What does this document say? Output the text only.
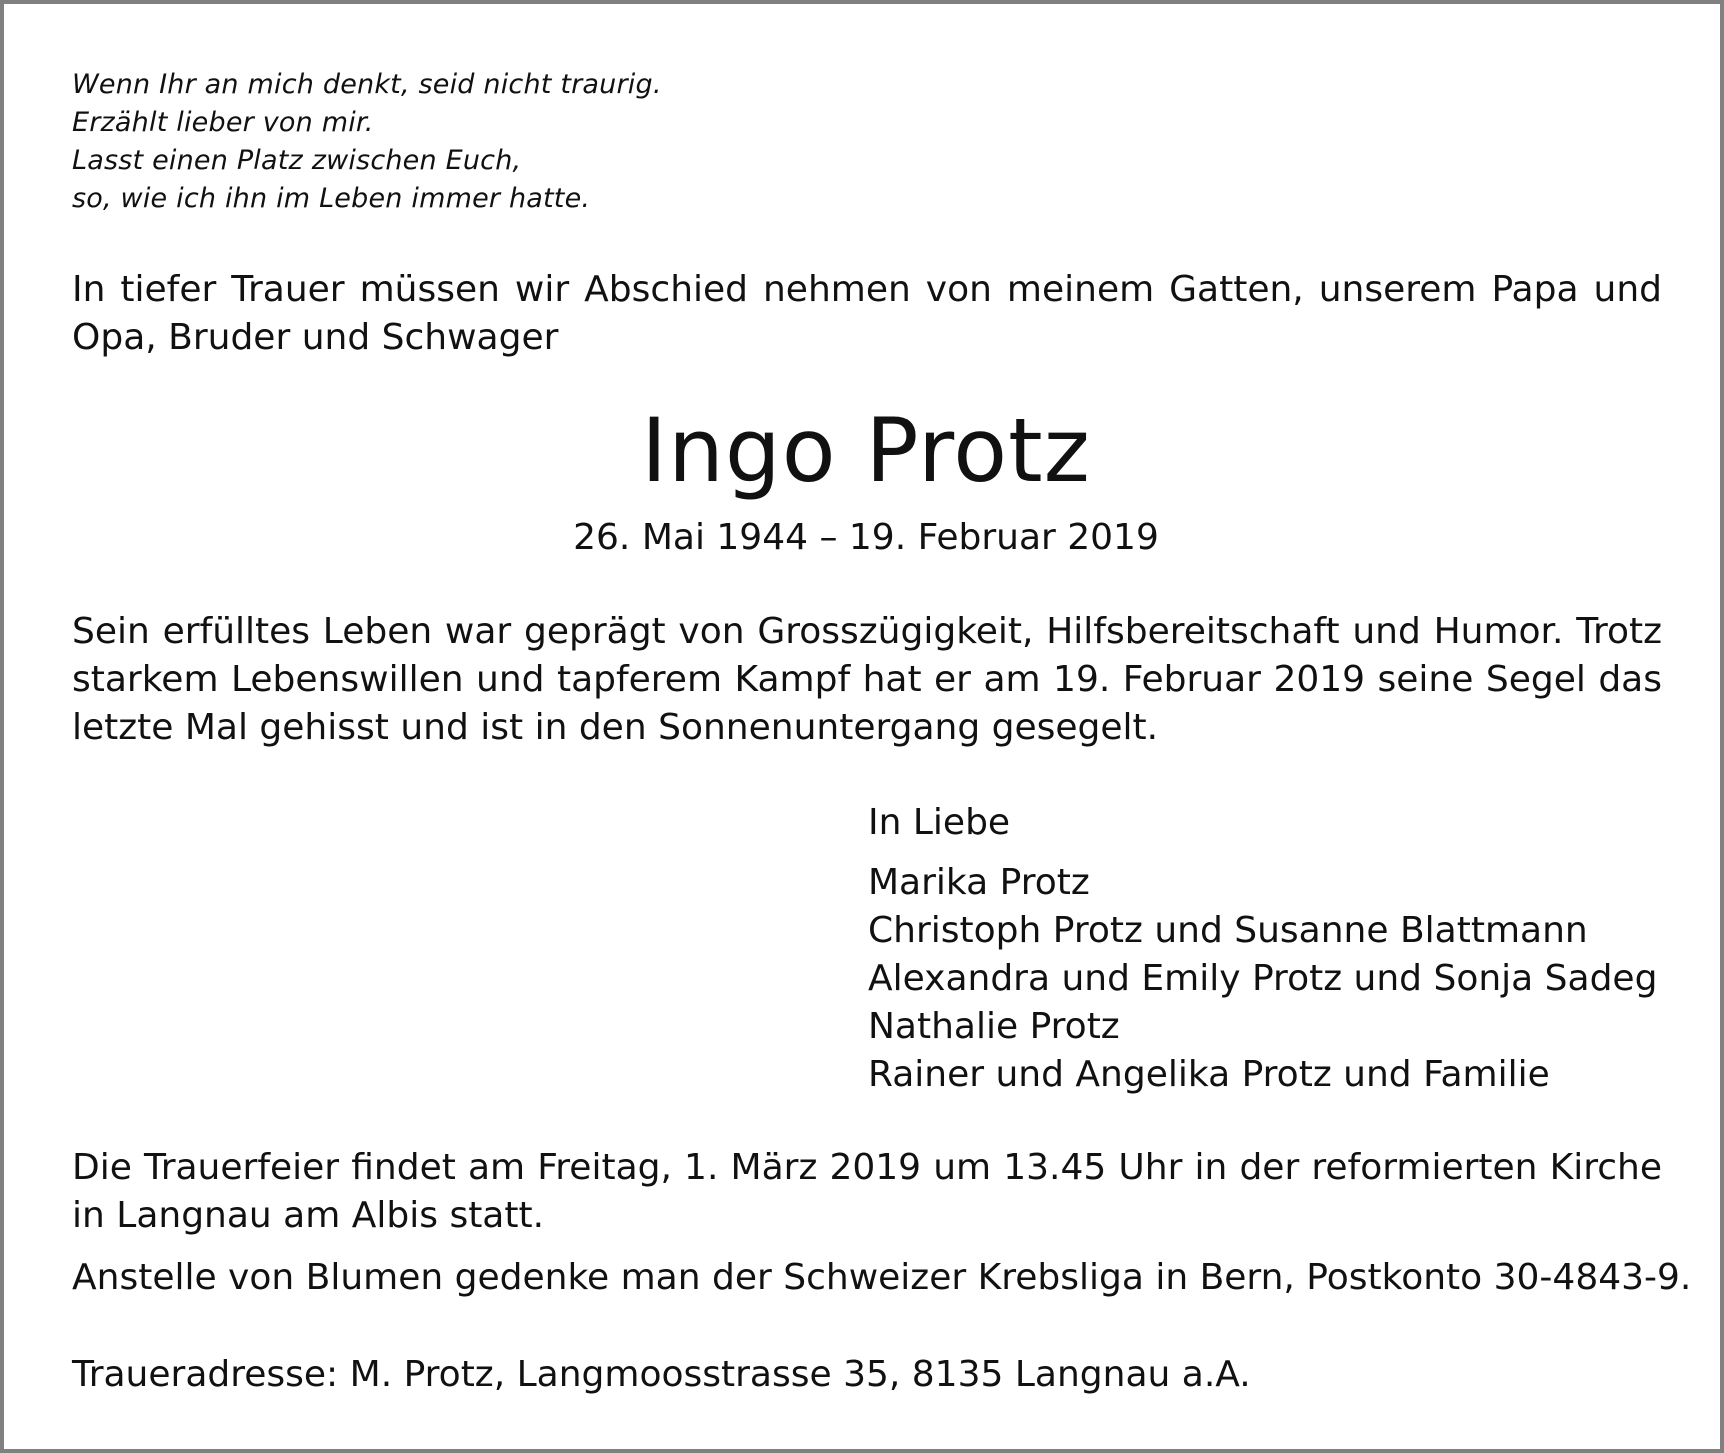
Wenn Ihr an mich denkt, seid nicht traurig.
Erzählt lieber von mir.
Lasst einen Platz zwischen Euch,
so, wie ich ihn im Leben immer hatte.
In tiefer Trauer müssen wir Abschied nehmen von meinem Gatten, unserem Papa und
Opa, Bruder und Schwager
Ingo Protz
26. Mai 1944 – 19. Februar 2019
Sein erfülltes Leben war geprägt von Grosszügigkeit, Hilfsbereitschaft und Humor. Trotz
starkem Lebenswillen und tapferem Kampf hat er am 19. Februar 2019 seine Segel das
letzte Mal gehisst und ist in den Sonnenuntergang gesegelt.
In Liebe
Marika Protz
Christoph Protz und Susanne Blattmann
Alexandra und Emily Protz und Sonja Sadeg
Nathalie Protz
Rainer und Angelika Protz und Familie
Die Trauerfeier findet am Freitag, 1. März 2019 um 13.45 Uhr in der reformierten Kirche
in Langnau am Albis statt.
Anstelle von Blumen gedenke man der Schweizer Krebsliga in Bern, Postkonto 30-4843-9.
Traueradresse: M. Protz, Langmoosstrasse 35, 8135 Langnau a.A.
